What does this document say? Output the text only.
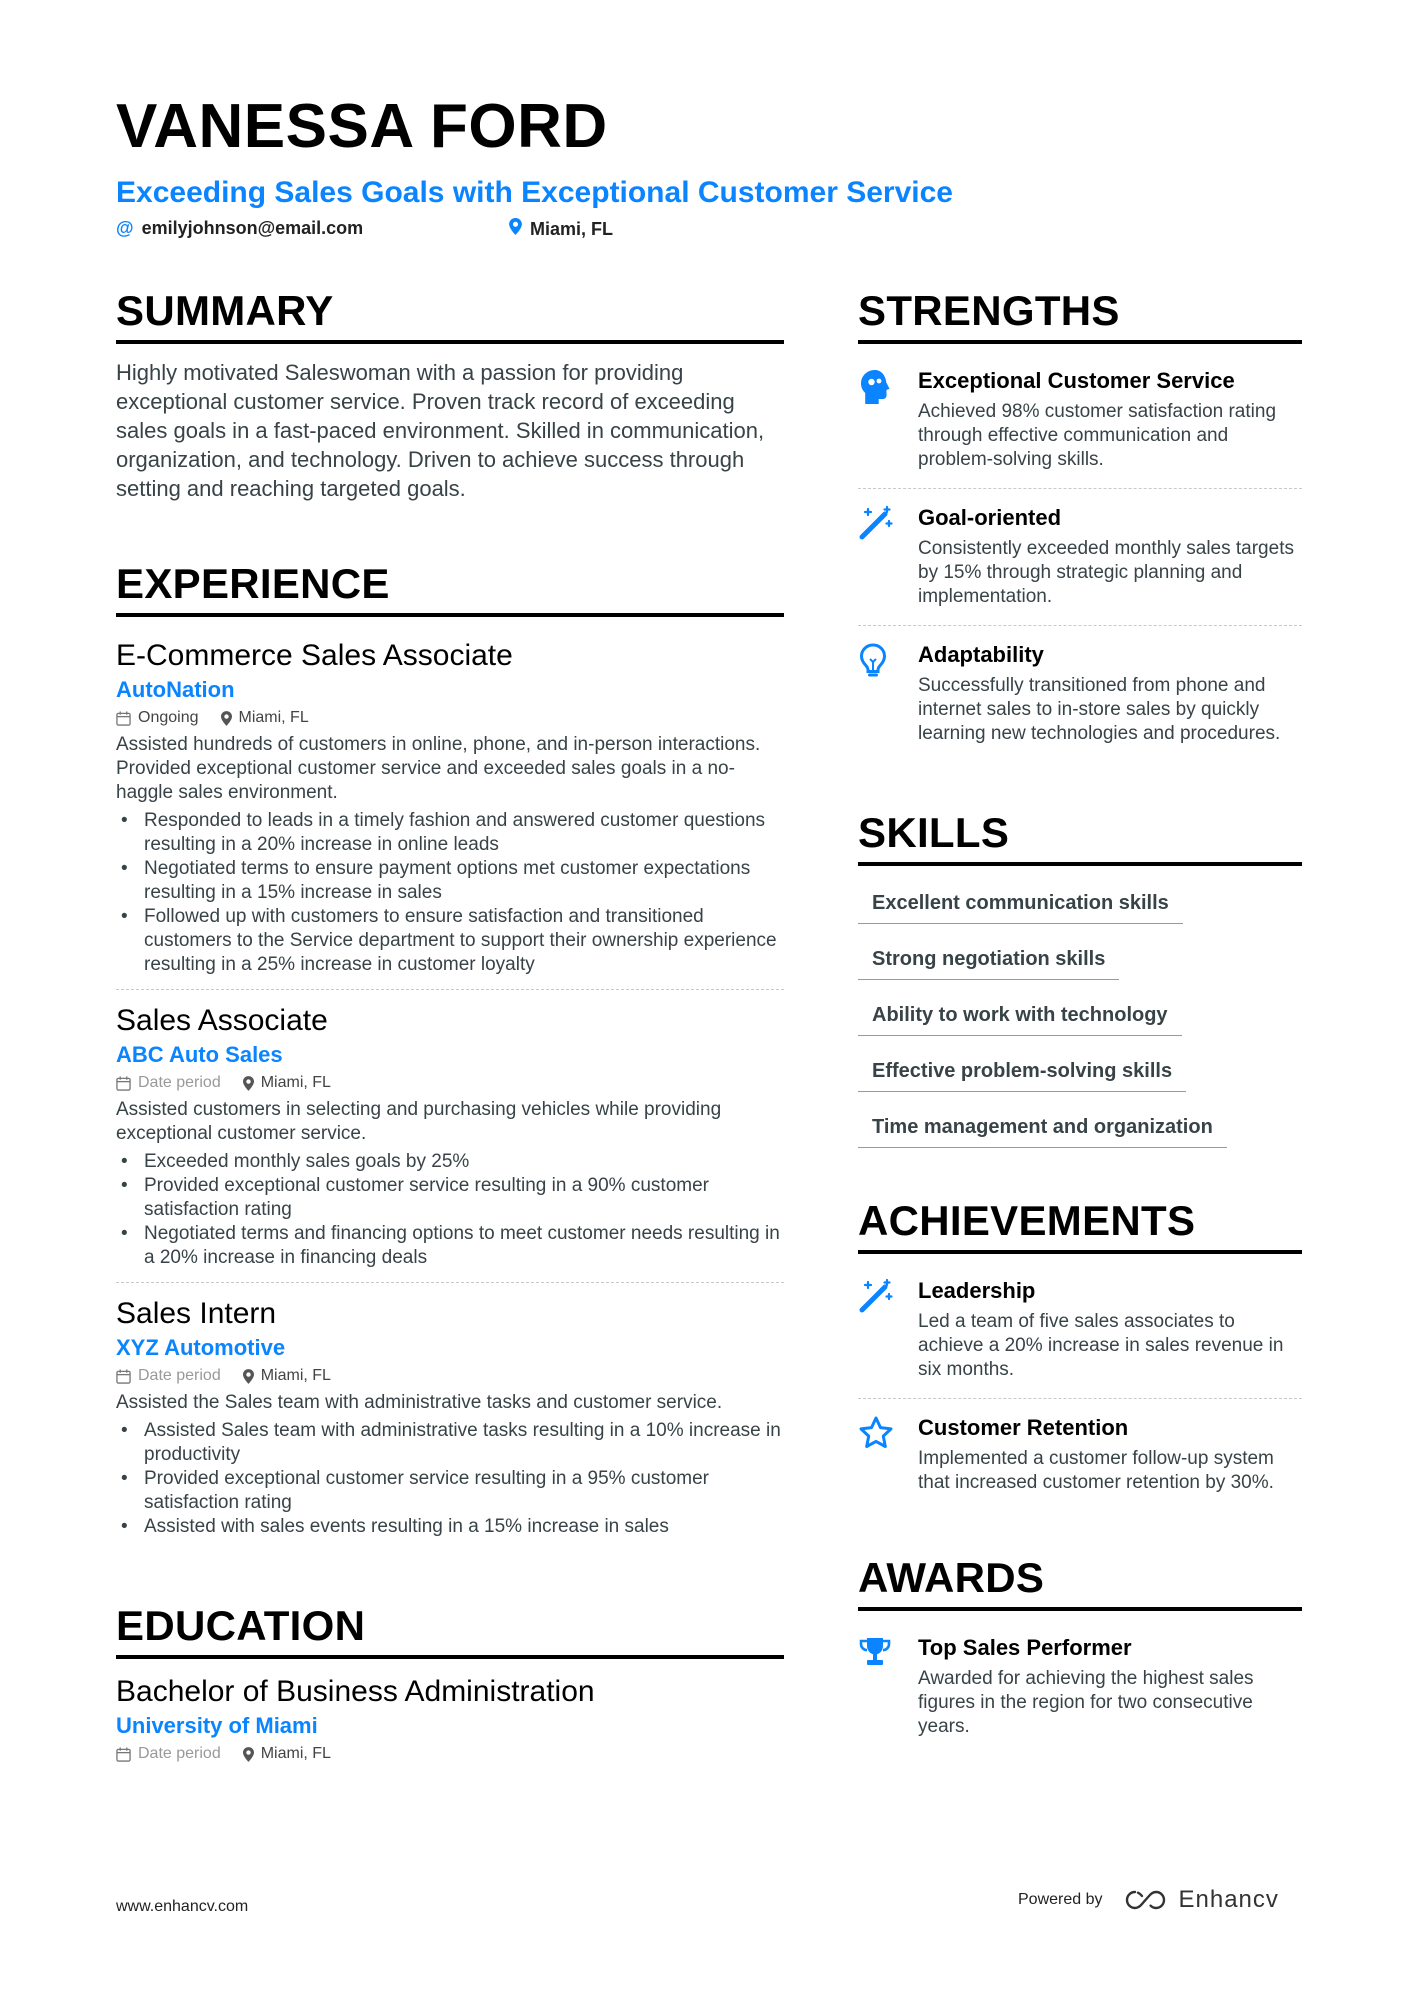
VANESSA FORD
Exceeding Sales Goals with Exceptional Customer Service
@ emilyjohnson@email.com	Miami, FL
SUMMARY

Highly motivated Saleswoman with a passion for providing exceptional customer service. Proven track record of exceeding sales goals in a fast-paced environment. Skilled in communication, organization, and technology. Driven to achieve success through setting and reaching targeted goals.

EXPERIENCE
E-Commerce Sales Associate
AutoNation
Ongoing	Miami, FL

Assisted hundreds of customers in online, phone, and in-person interactions. Provided exceptional customer service and exceeded sales goals in a no-haggle sales environment.

• Responded to leads in a timely fashion and answered customer questions resulting in a 20% increase in online leads
• Negotiated terms to ensure payment options met customer expectations resulting in a 15% increase in sales
• Followed up with customers to ensure satisfaction and transitioned customers to the Service department to support their ownership experience resulting in a 25% increase in customer loyalty
Sales Associate
ABC Auto Sales
Date period	Miami, FL

Assisted customers in selecting and purchasing vehicles while providing exceptional customer service.

• Exceeded monthly sales goals by 25%
• Provided exceptional customer service resulting in a 90% customer satisfaction rating
• Negotiated terms and financing options to meet customer needs resulting in a 20% increase in financing deals
Sales Intern
XYZ Automotive
Date period	Miami, FL

Assisted the Sales team with administrative tasks and customer service.

• Assisted Sales team with administrative tasks resulting in a 10% increase in productivity
• Provided exceptional customer service resulting in a 95% customer satisfaction rating
• Assisted with sales events resulting in a 15% increase in sales
EDUCATION
Bachelor of Business Administration
University of Miami
Date period	Miami, FL
STRENGTHS
Exceptional Customer Service
Achieved 98% customer satisfaction rating through effective communication and problem-solving skills.
Goal-oriented
Consistently exceeded monthly sales targets by 15% through strategic planning and implementation.
Adaptability
Successfully transitioned from phone and internet sales to in-store sales by quickly learning new technologies and procedures.
SKILLS
Excellent communication skills
Strong negotiation skills
Ability to work with technology
Effective problem-solving skills
Time management and organization
ACHIEVEMENTS
Leadership
Led a team of five sales associates to achieve a 20% increase in sales revenue in six months.
Customer Retention
Implemented a customer follow-up system that increased customer retention by 30%.
AWARDS
Top Sales Performer
Awarded for achieving the highest sales figures in the region for two consecutive years.
www.enhancv.com	Powered by	Enhancv
